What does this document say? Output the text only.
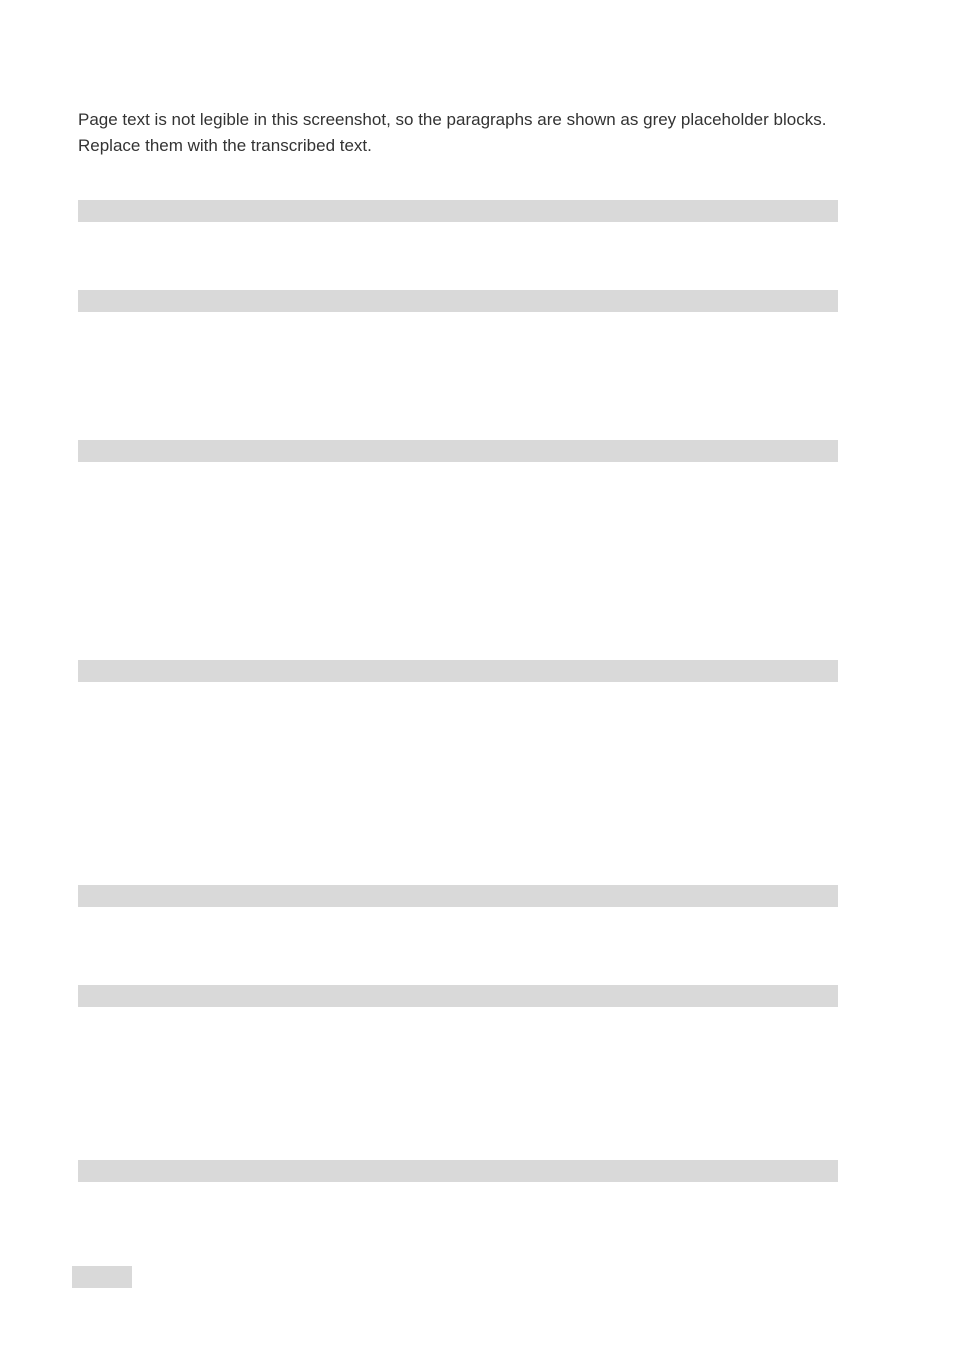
Page text is not legible in this screenshot, so the paragraphs are shown as grey placeholder blocks. Replace them with the transcribed text.
